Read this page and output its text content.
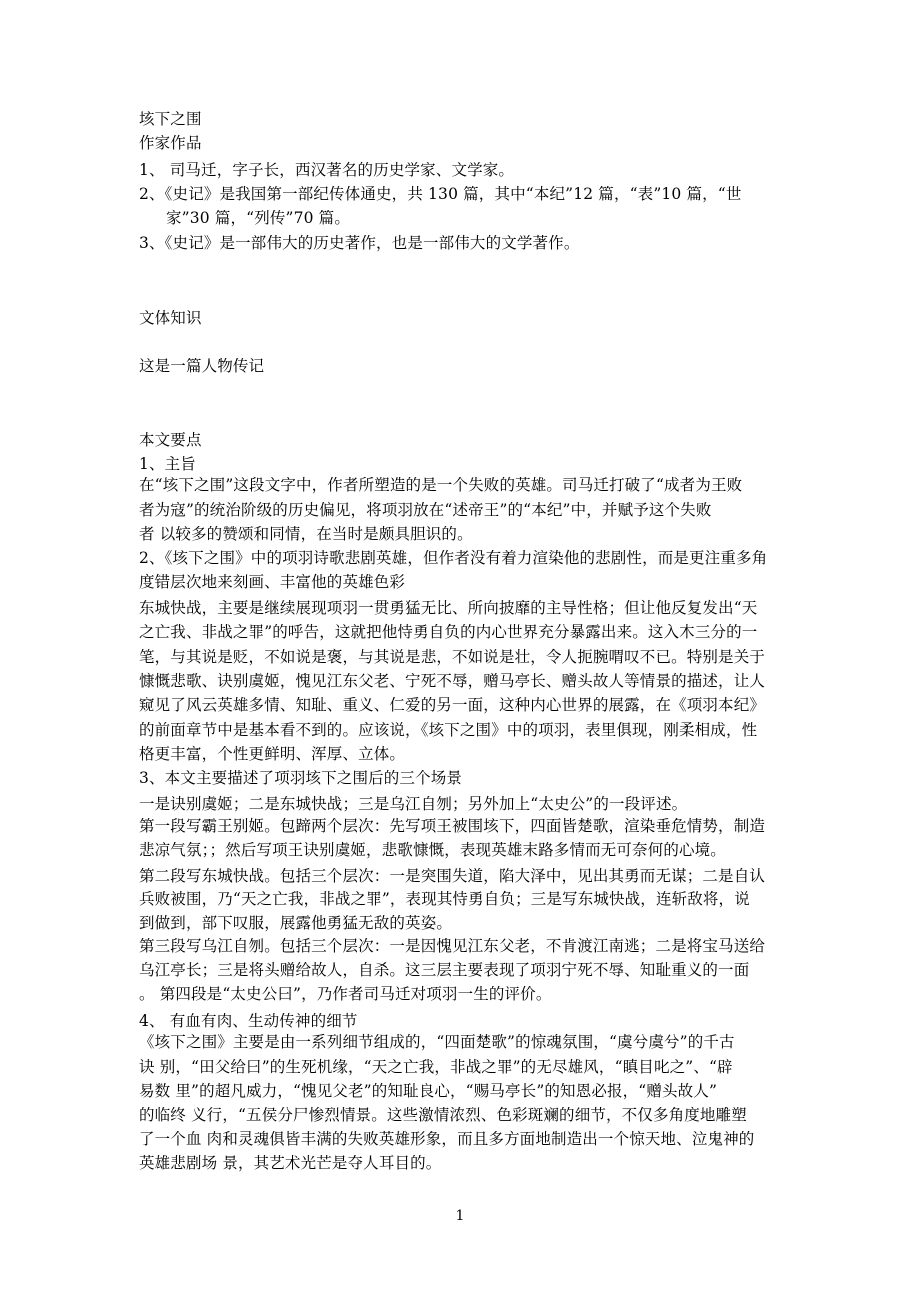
垓下之围
作家作品
1、 司马迁，字子长，西汉著名的历史学家、文学家。
2、《史记》是我国第一部纪传体通史，共 130 篇，其中“本纪”12 篇，“表”10 篇，“世
家”30 篇，“列传”70 篇。
3、《史记》是一部伟大的历史著作，也是一部伟大的文学著作。
文体知识
这是一篇人物传记
本文要点
1、主旨
在“垓下之围”这段文字中，作者所塑造的是一个失败的英雄。司马迁打破了“成者为王败
者为寇”的统治阶级的历史偏见，将项羽放在“述帝王”的“本纪”中，并赋予这个失败
者 以较多的赞颂和同情，在当时是颇具胆识的。
2、《垓下之围》中的项羽诗歌悲剧英雄，但作者没有着力渲染他的悲剧性，而是更注重多角
度错层次地来刻画、丰富他的英雄色彩
东城快战，主要是继续展现项羽一贯勇猛无比、所向披靡的主导性格；但让他反复发出“天
之亡我、非战之罪”的呼告，这就把他恃勇自负的内心世界充分暴露出来。这入木三分的一
笔，与其说是贬，不如说是褒，与其说是悲，不如说是壮，令人扼腕喟叹不已。特别是关于
慷慨悲歌、诀别虞姬，愧见江东父老、宁死不辱，赠马亭长、赠头故人等情景的描述，让人
窥见了风云英雄多情、知耻、重义、仁爱的另一面，这种内心世界的展露，在《项羽本纪》
的前面章节中是基本看不到的。应该说，《垓下之围》中的项羽，表里俱现，刚柔相成，性
格更丰富，个性更鲜明、浑厚、立体。
3、本文主要描述了项羽垓下之围后的三个场景
一是诀别虞姬；二是东城快战；三是乌江自刎；另外加上“太史公”的一段评述。
第一段写霸王别姬。包蹄两个层次：先写项王被围垓下，四面皆楚歌，渲染垂危情势，制造
悲凉气氛；；然后写项王诀别虞姬，悲歌慷慨，表现英雄末路多情而无可奈何的心境。
第二段写东城快战。包括三个层次：一是突围失道，陷大泽中，见出其勇而无谋；二是自认
兵败被围，乃“天之亡我，非战之罪”，表现其恃勇自负；三是写东城快战，连斩敌将，说
到做到，部下叹服，展露他勇猛无敌的英姿。
第三段写乌江自刎。包括三个层次：一是因愧见江东父老，不肯渡江南逃；二是将宝马送给
乌江亭长；三是将头赠给故人，自杀。这三层主要表现了项羽宁死不辱、知耻重义的一面
。 第四段是“太史公曰”，乃作者司马迁对项羽一生的评价。
4、 有血有肉、生动传神的细节
《垓下之围》主要是由一系列细节组成的，“四面楚歌”的惊魂氛围，“虞兮虞兮”的千古
诀 别，“田父给曰”的生死机缘，“天之亡我，非战之罪”的无尽雄风，“瞋目叱之”、“辟
易数 里”的超凡威力，“愧见父老”的知耻良心，“赐马亭长”的知恩必报，“赠头故人”
的临终 义行，“五侯分尸惨烈情景。这些激情浓烈、色彩斑斓的细节，不仅多角度地雕塑
了一个血 肉和灵魂俱皆丰满的失败英雄形象，而且多方面地制造出一个惊天地、泣鬼神的
英雄悲剧场 景，其艺术光芒是夺人耳目的。
1
